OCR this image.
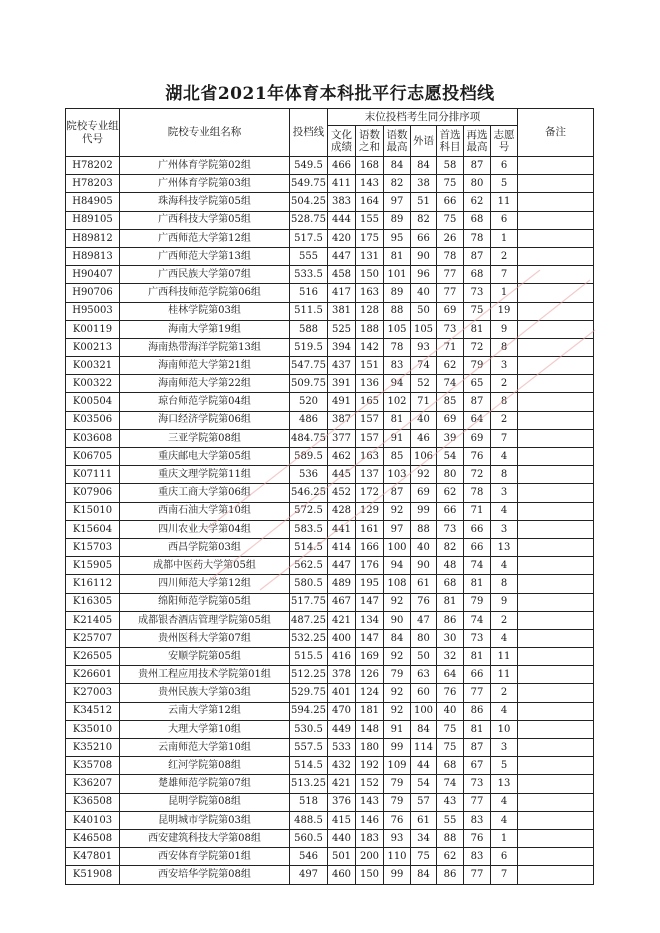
湖北省2021年体育本科批平行志愿投档线
院校专业组代号	院校专业组名称	投档线	末位投档考生同分排序项							备注
			文化成绩	语数之和	语数最高	外语	首选科目	再选最高	志愿号	
H78202	广州体育学院第02组	549.5	466	168	84	84	58	87	6	
H78203	广州体育学院第03组	549.75	411	143	82	38	75	80	5	
H84905	珠海科技学院第05组	504.25	383	164	97	51	66	62	11	
H89105	广西科技大学第05组	528.75	444	155	89	82	75	68	6	
H89812	广西师范大学第12组	517.5	420	175	95	66	26	78	1	
H89813	广西师范大学第13组	555	447	131	81	90	78	87	2	
H90407	广西民族大学第07组	533.5	458	150	101	96	77	68	7	
H90706	广西科技师范学院第06组	516	417	163	89	40	77	73	1	
H95003	桂林学院第03组	511.5	381	128	88	50	69	75	19	
K00119	海南大学第19组	588	525	188	105	105	73	81	9	
K00213	海南热带海洋学院第13组	519.5	394	142	78	93	71	72	8	
K00321	海南师范大学第21组	547.75	437	151	83	74	62	79	3	
K00322	海南师范大学第22组	509.75	391	136	94	52	74	65	2	
K00504	琼台师范学院第04组	520	491	165	102	71	85	87	8	
K03506	海口经济学院第06组	486	387	157	81	40	69	64	2	
K03608	三亚学院第08组	484.75	377	157	91	46	39	69	7	
K06705	重庆邮电大学第05组	589.5	462	163	85	106	54	76	4	
K07111	重庆文理学院第11组	536	445	137	103	92	80	72	8	
K07906	重庆工商大学第06组	546.25	452	172	87	69	62	78	3	
K15010	西南石油大学第10组	572.5	428	129	92	99	66	71	4	
K15604	四川农业大学第04组	583.5	441	161	97	88	73	66	3	
K15703	西昌学院第03组	514.5	414	166	100	40	82	66	13	
K15905	成都中医药大学第05组	562.5	447	176	94	90	48	74	4	
K16112	四川师范大学第12组	580.5	489	195	108	61	68	81	8	
K16305	绵阳师范学院第05组	517.75	467	147	92	76	81	79	9	
K21405	成都银杏酒店管理学院第05组	487.25	421	134	90	47	86	74	2	
K25707	贵州医科大学第07组	532.25	400	147	84	80	30	73	4	
K26505	安顺学院第05组	515.5	416	169	92	50	32	81	11	
K26601	贵州工程应用技术学院第01组	512.25	378	126	79	63	64	66	11	
K27003	贵州民族大学第03组	529.75	401	124	92	60	76	77	2	
K34512	云南大学第12组	594.25	470	181	92	100	40	86	4	
K35010	大理大学第10组	530.5	449	148	91	84	75	81	10	
K35210	云南师范大学第10组	557.5	533	180	99	114	75	87	3	
K35708	红河学院第08组	514.5	432	192	109	44	68	67	5	
K36207	楚雄师范学院第07组	513.25	421	152	79	54	74	73	13	
K36508	昆明学院第08组	518	376	143	79	57	43	77	4	
K40103	昆明城市学院第03组	488.5	415	146	76	61	55	83	4	
K46508	西安建筑科技大学第08组	560.5	440	183	93	34	88	76	1	
K47801	西安体育学院第01组	546	501	200	110	75	62	83	6	
K51908	西安培华学院第08组	497	460	150	99	84	86	77	7	
